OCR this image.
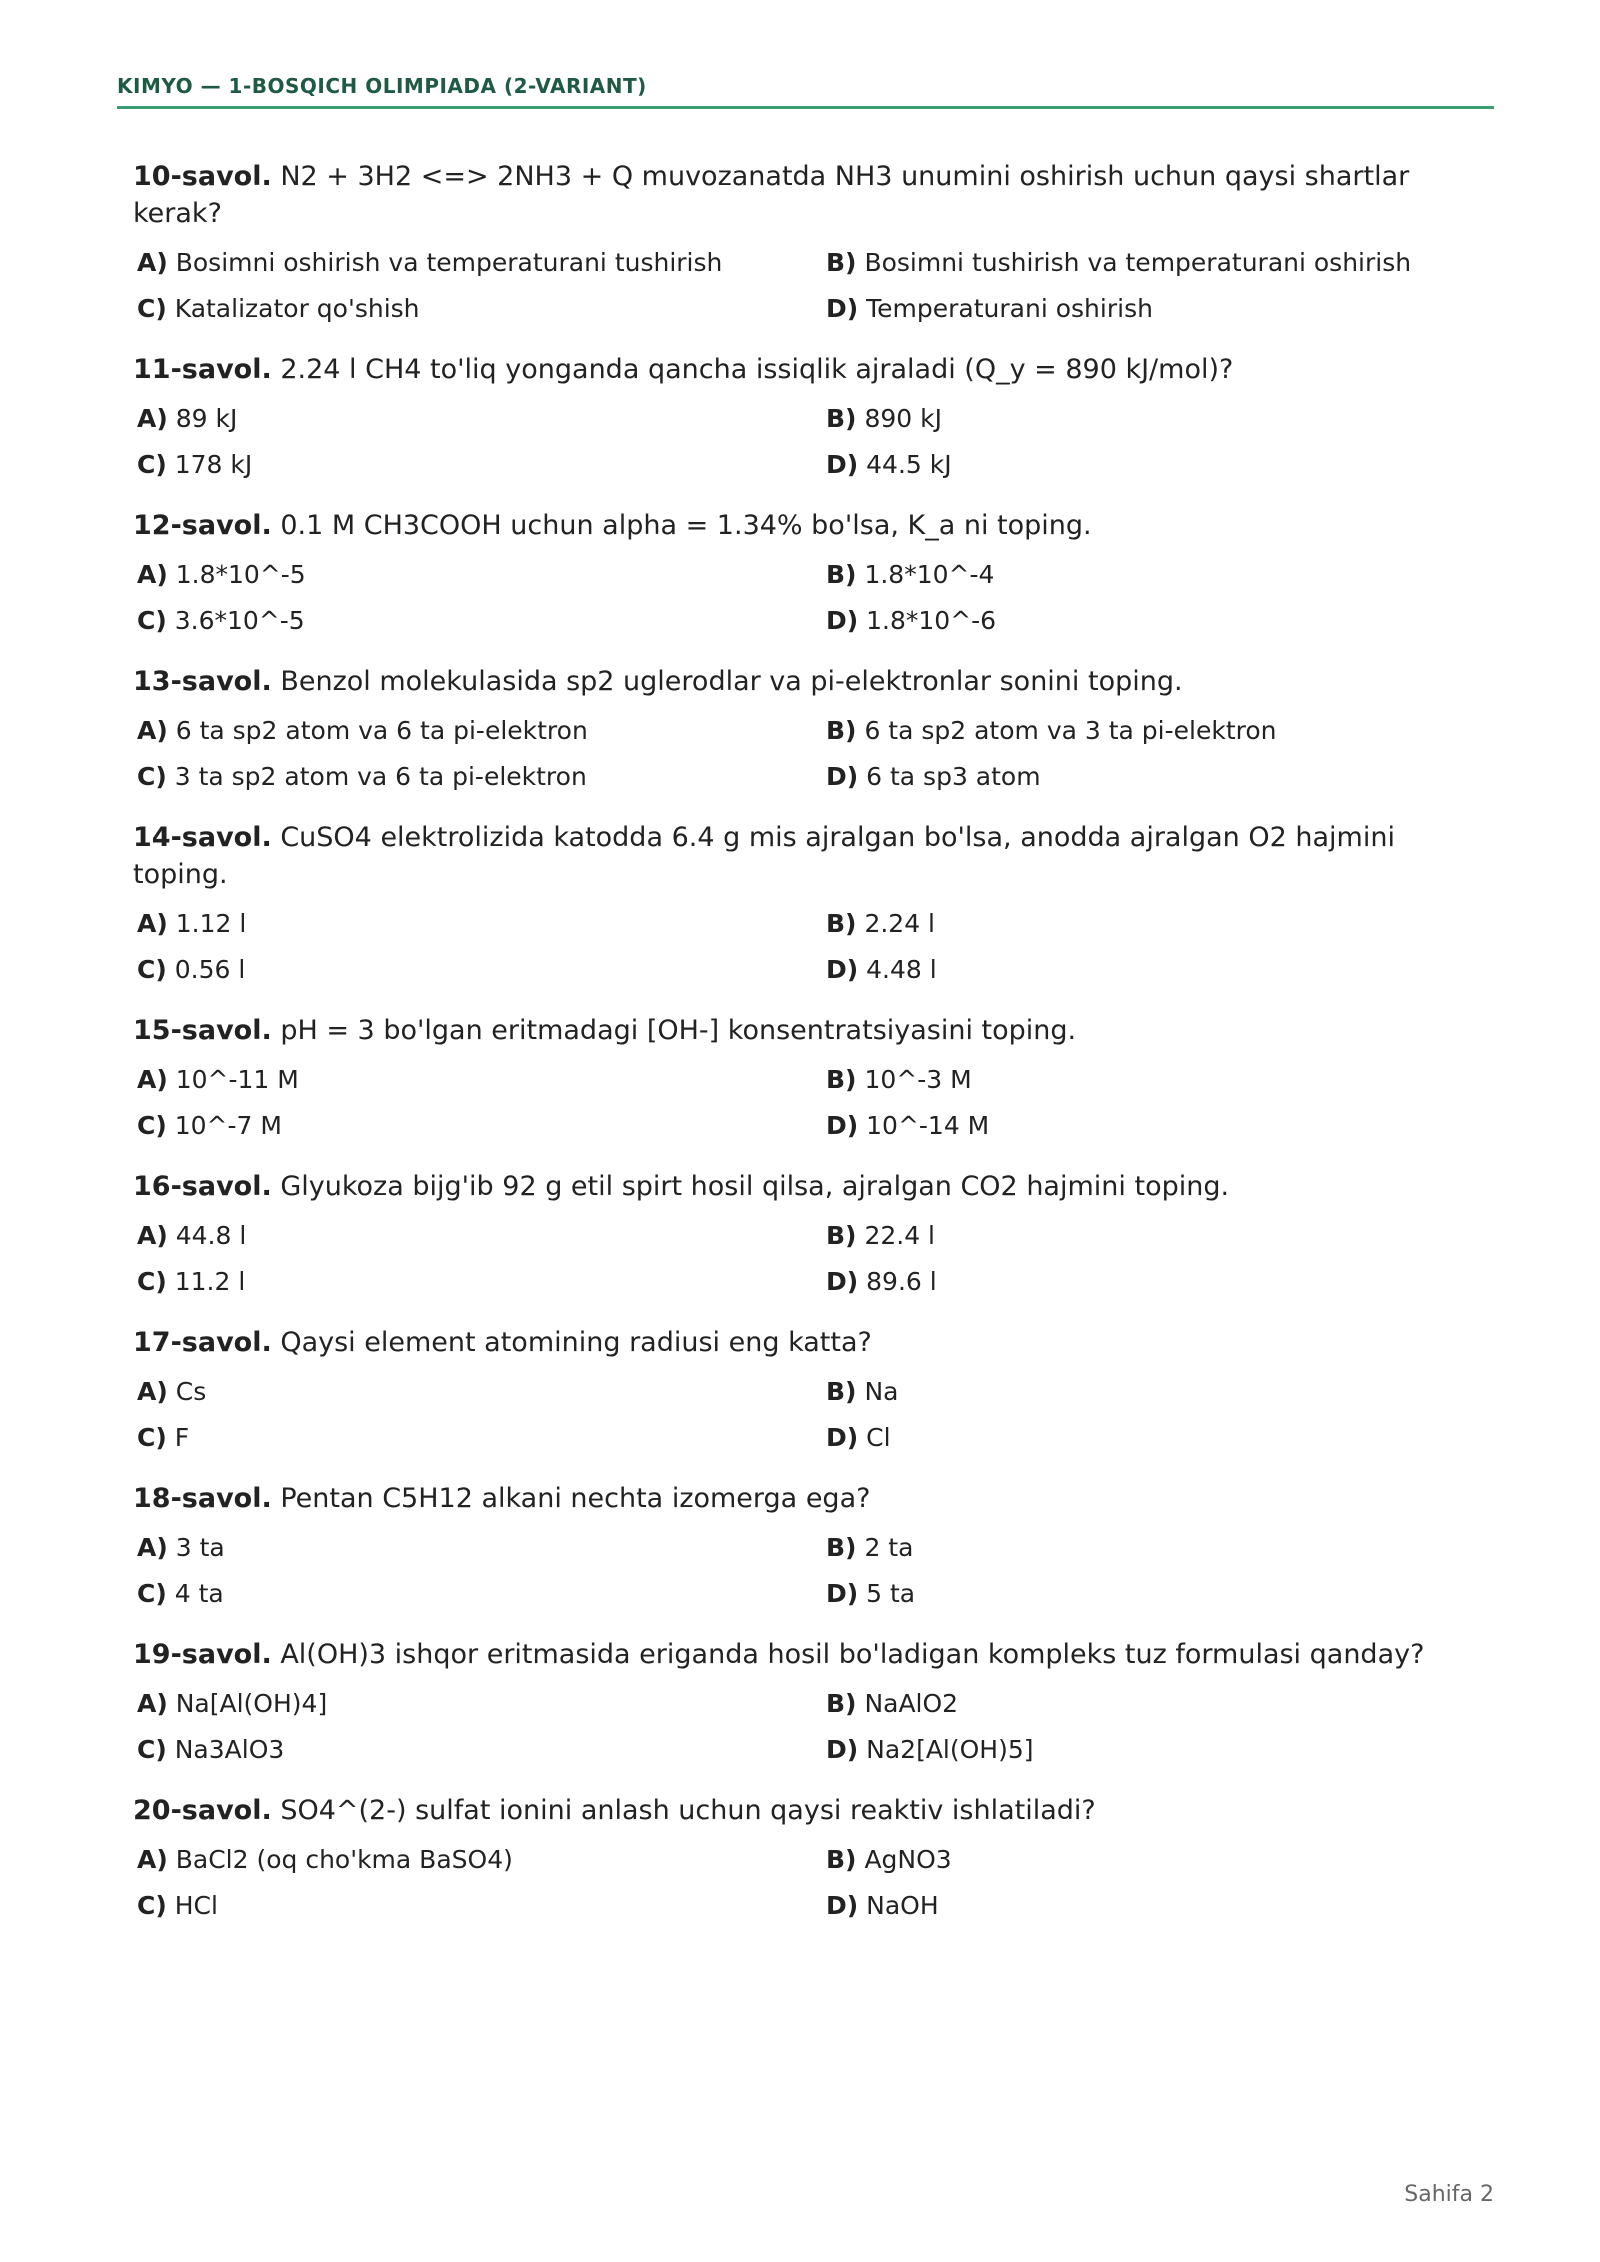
KIMYO — 1-BOSQICH OLIMPIADA (2-VARIANT)

10-savol. N2 + 3H2 <=> 2NH3 + Q muvozanatda NH3 unumini oshirish uchun qaysi shartlar kerak?

A) Bosimni oshirish va temperaturani tushirish	B) Bosimni tushirish va temperaturani oshirish
C) Katalizator qo'shish	D) Temperaturani oshirish

11-savol. 2.24 l CH4 to'liq yonganda qancha issiqlik ajraladi (Q_y = 890 kJ/mol)?

A) 89 kJ	B) 890 kJ
C) 178 kJ	D) 44.5 kJ

12-savol. 0.1 M CH3COOH uchun alpha = 1.34% bo'lsa, K_a ni toping.

A) 1.8*10^-5	B) 1.8*10^-4
C) 3.6*10^-5	D) 1.8*10^-6

13-savol. Benzol molekulasida sp2 uglerodlar va pi-elektronlar sonini toping.

A) 6 ta sp2 atom va 6 ta pi-elektron	B) 6 ta sp2 atom va 3 ta pi-elektron
C) 3 ta sp2 atom va 6 ta pi-elektron	D) 6 ta sp3 atom

14-savol. CuSO4 elektrolizida katodda 6.4 g mis ajralgan bo'lsa, anodda ajralgan O2 hajmini toping.

A) 1.12 l	B) 2.24 l
C) 0.56 l	D) 4.48 l

15-savol. pH = 3 bo'lgan eritmadagi [OH-] konsentratsiyasini toping.

A) 10^-11 M	B) 10^-3 M
C) 10^-7 M	D) 10^-14 M

16-savol. Glyukoza bijg'ib 92 g etil spirt hosil qilsa, ajralgan CO2 hajmini toping.

A) 44.8 l	B) 22.4 l
C) 11.2 l	D) 89.6 l

17-savol. Qaysi element atomining radiusi eng katta?

A) Cs	B) Na
C) F	D) Cl

18-savol. Pentan C5H12 alkani nechta izomerga ega?

A) 3 ta	B) 2 ta
C) 4 ta	D) 5 ta

19-savol. Al(OH)3 ishqor eritmasida eriganda hosil bo'ladigan kompleks tuz formulasi qanday?

A) Na[Al(OH)4]	B) NaAlO2
C) Na3AlO3	D) Na2[Al(OH)5]

20-savol. SO4^(2-) sulfat ionini anlash uchun qaysi reaktiv ishlatiladi?

A) BaCl2 (oq cho'kma BaSO4)	B) AgNO3
C) HCl	D) NaOH
Sahifa 2
